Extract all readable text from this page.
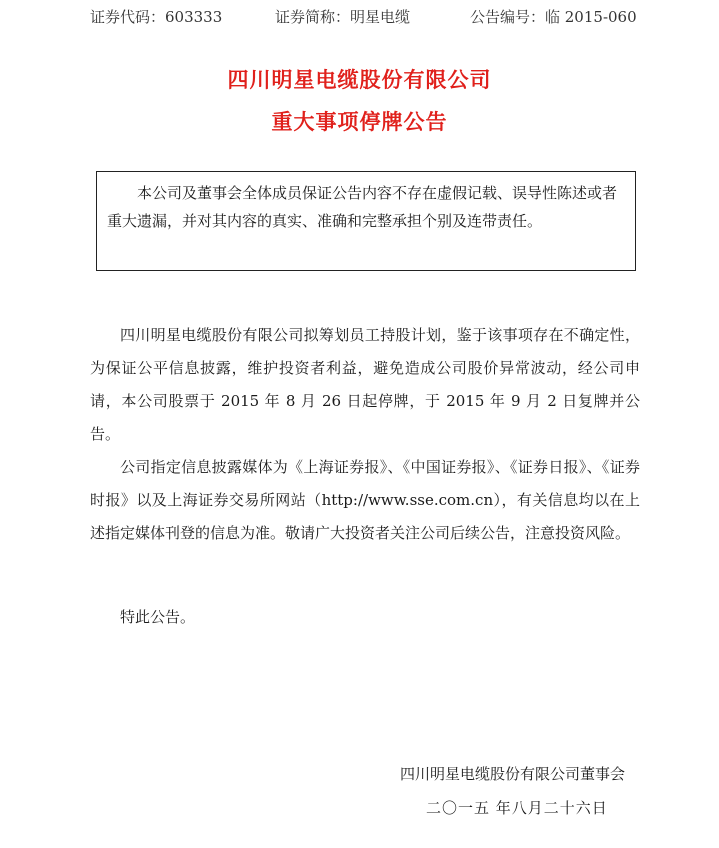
证券代码：603333	证券简称：明星电缆	公告编号：临 2015-060
四川明星电缆股份有限公司
重大事项停牌公告
本公司及董事会全体成员保证公告内容不存在虚假记载、误导性陈述或者重大遗漏，并对其内容的真实、准确和完整承担个别及连带责任。
四川明星电缆股份有限公司拟筹划员工持股计划，鉴于该事项存在不确定性，为保证公平信息披露，维护投资者利益，避免造成公司股价异常波动，经公司申请，本公司股票于 2015 年 8 月 26 日起停牌，于 2015 年 9 月 2 日复牌并公告。
公司指定信息披露媒体为《上海证券报》、《中国证券报》、《证券日报》、《证券时报》以及上海证券交易所网站（http://www.sse.com.cn），有关信息均以在上述指定媒体刊登的信息为准。敬请广大投资者关注公司后续公告，注意投资风险。
特此公告。
四川明星电缆股份有限公司董事会
二〇一五 年八月二十六日
